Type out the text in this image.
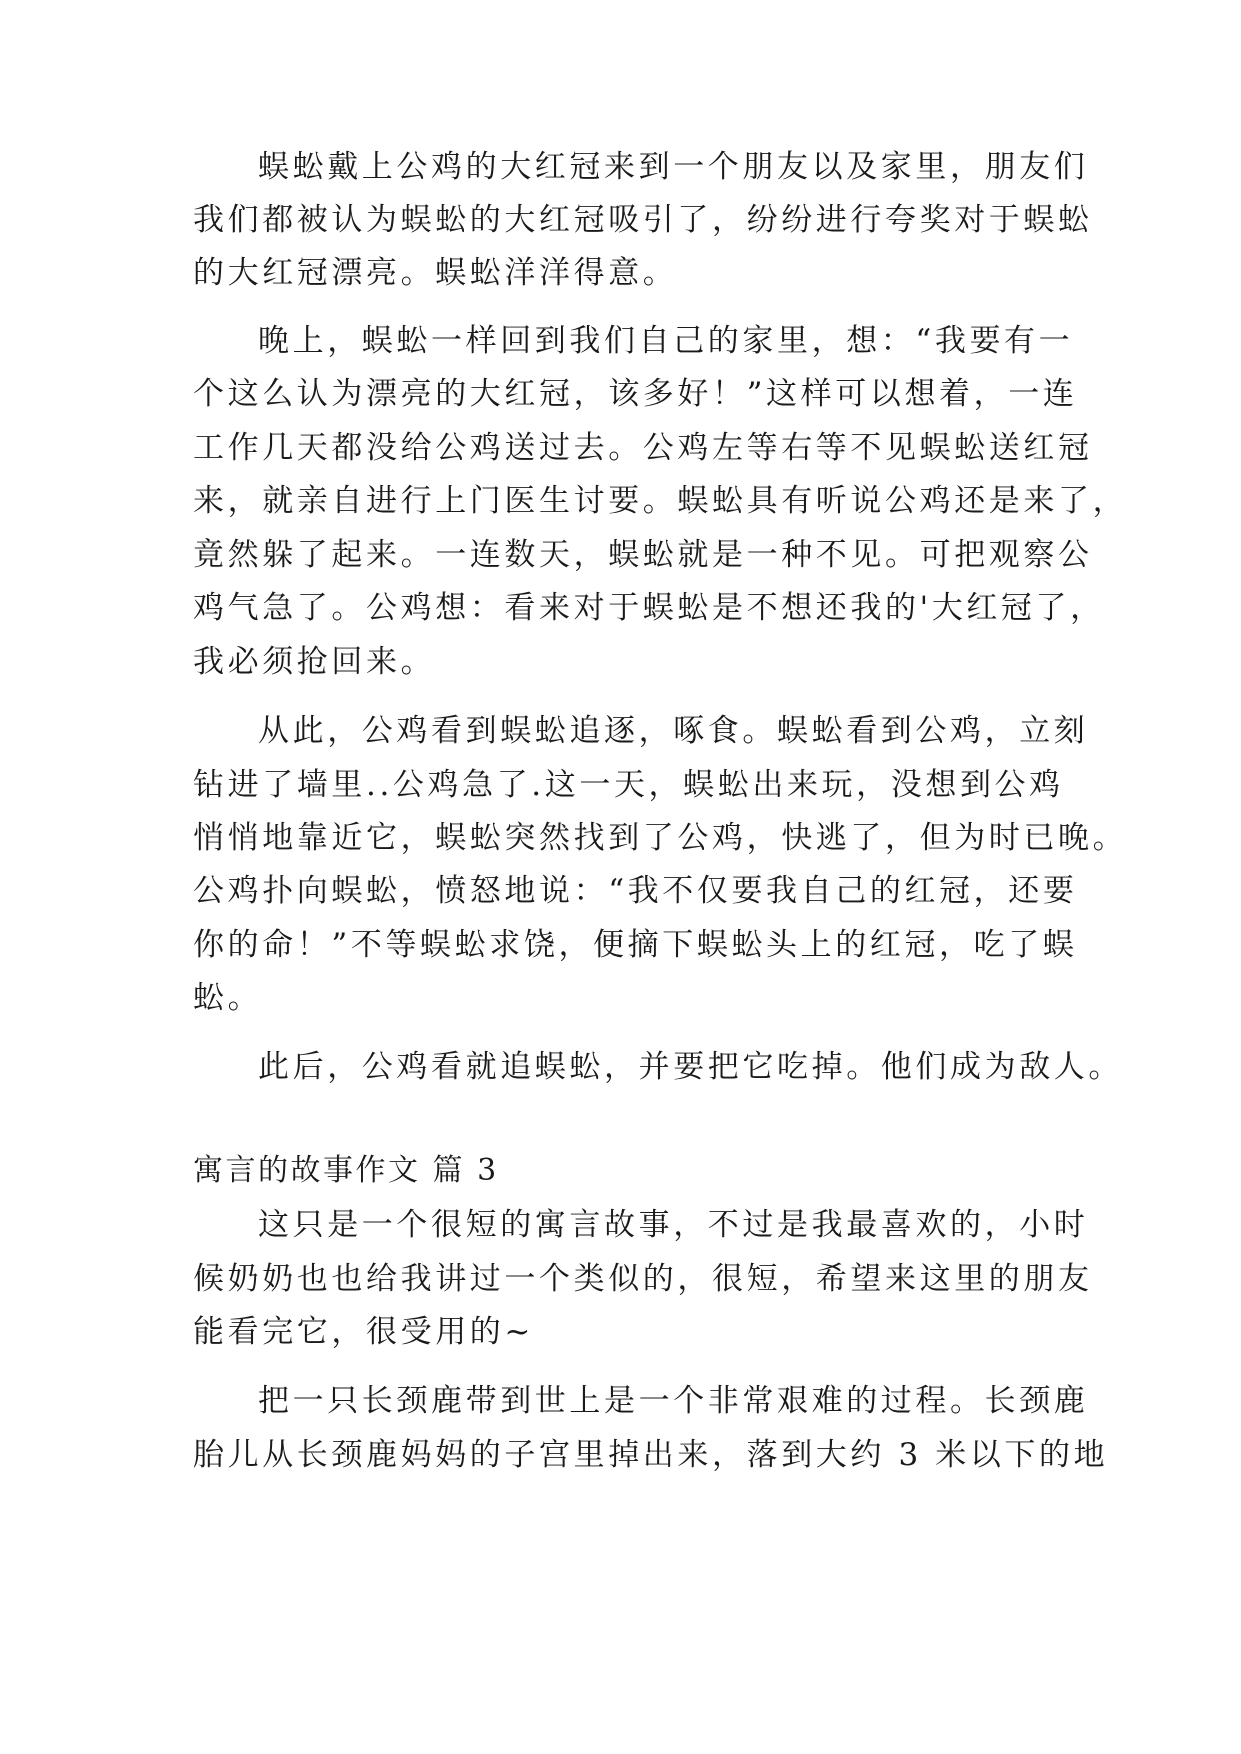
蜈蚣戴上公鸡的大红冠来到一个朋友以及家里，朋友们
我们都被认为蜈蚣的大红冠吸引了，纷纷进行夸奖对于蜈蚣
的大红冠漂亮。蜈蚣洋洋得意。
晚上，蜈蚣一样回到我们自己的家里，想：“我要有一
个这么认为漂亮的大红冠，该多好！”这样可以想着，一连
工作几天都没给公鸡送过去。公鸡左等右等不见蜈蚣送红冠
来，就亲自进行上门医生讨要。蜈蚣具有听说公鸡还是来了，
竟然躲了起来。一连数天，蜈蚣就是一种不见。可把观察公
鸡气急了。公鸡想：看来对于蜈蚣是不想还我的'大红冠了，
我必须抢回来。
从此，公鸡看到蜈蚣追逐，啄食。蜈蚣看到公鸡，立刻
钻进了墙里..公鸡急了.这一天，蜈蚣出来玩，没想到公鸡
悄悄地靠近它，蜈蚣突然找到了公鸡，快逃了，但为时已晚。
公鸡扑向蜈蚣，愤怒地说：“我不仅要我自己的红冠，还要
你的命！”不等蜈蚣求饶，便摘下蜈蚣头上的红冠，吃了蜈
蚣。
此后，公鸡看就追蜈蚣，并要把它吃掉。他们成为敌人。
寓言的故事作文 篇 3
这只是一个很短的寓言故事，不过是我最喜欢的，小时
候奶奶也也给我讲过一个类似的，很短，希望来这里的朋友
能看完它，很受用的~
把一只长颈鹿带到世上是一个非常艰难的过程。长颈鹿
胎儿从长颈鹿妈妈的子宫里掉出来，落到大约 3 米以下的地
